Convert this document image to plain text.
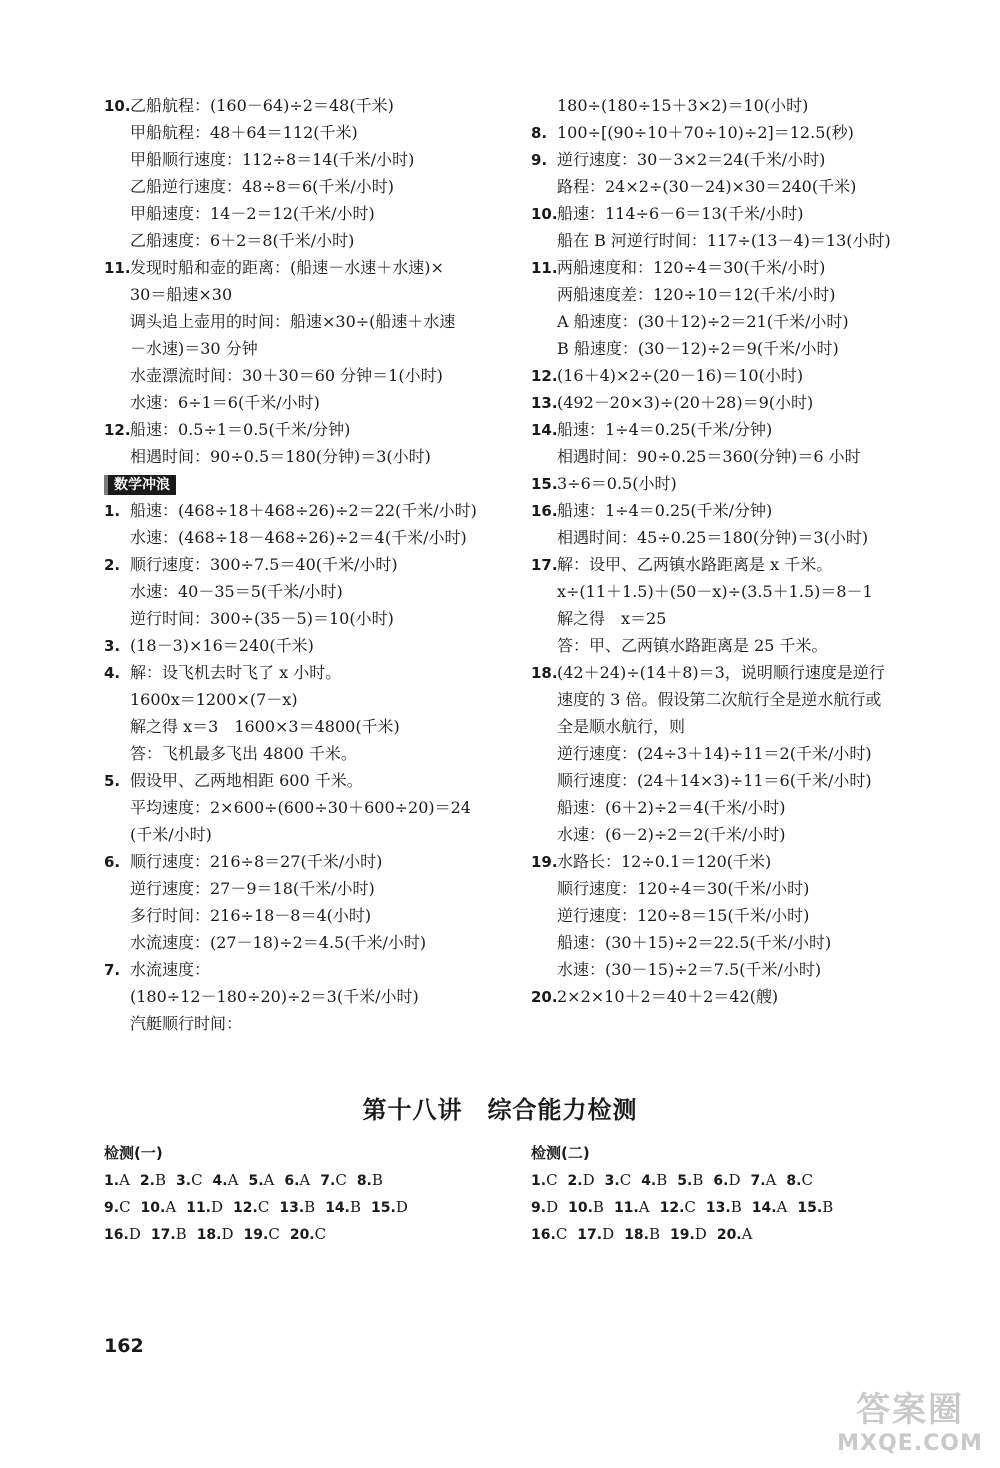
10.乙船航程：(160－64)÷2＝48(千米)
甲船航程：48＋64＝112(千米)
甲船顺行速度：112÷8＝14(千米/小时)
乙船逆行速度：48÷8＝6(千米/小时)
甲船速度：14－2＝12(千米/小时)
乙船速度：6＋2＝8(千米/小时)
11.发现时船和壶的距离：(船速－水速＋水速)×
30＝船速×30
调头追上壶用的时间：船速×30÷(船速＋水速
－水速)＝30 分钟
水壶漂流时间：30＋30＝60 分钟＝1(小时)
水速：6÷1＝6(千米/小时)
12.船速：0.5÷1＝0.5(千米/分钟)
相遇时间：90÷0.5＝180(分钟)＝3(小时)
数学冲浪
1. 船速：(468÷18＋468÷26)÷2＝22(千米/小时)
水速：(468÷18－468÷26)÷2＝4(千米/小时)
2. 顺行速度：300÷7.5＝40(千米/小时)
水速：40－35＝5(千米/小时)
逆行时间：300÷(35－5)＝10(小时)
3. (18－3)×16＝240(千米)
4. 解：设飞机去时飞了 x 小时。
1600x＝1200×(7－x)
解之得 x＝3　1600×3＝4800(千米)
答：飞机最多飞出 4800 千米。
5. 假设甲、乙两地相距 600 千米。
平均速度：2×600÷(600÷30＋600÷20)＝24
(千米/小时)
6. 顺行速度：216÷8＝27(千米/小时)
逆行速度：27－9＝18(千米/小时)
多行时间：216÷18－8＝4(小时)
水流速度：(27－18)÷2＝4.5(千米/小时)
7. 水流速度：
(180÷12－180÷20)÷2＝3(千米/小时)
汽艇顺行时间：
180÷(180÷15＋3×2)＝10(小时)
8. 100÷[(90÷10＋70÷10)÷2]＝12.5(秒)
9. 逆行速度：30－3×2＝24(千米/小时)
路程：24×2÷(30－24)×30＝240(千米)
10.船速：114÷6－6＝13(千米/小时)
船在 B 河逆行时间：117÷(13－4)＝13(小时)
11.两船速度和：120÷4＝30(千米/小时)
两船速度差：120÷10＝12(千米/小时)
A 船速度：(30＋12)÷2＝21(千米/小时)
B 船速度：(30－12)÷2＝9(千米/小时)
12.(16＋4)×2÷(20－16)＝10(小时)
13.(492－20×3)÷(20＋28)＝9(小时)
14.船速：1÷4＝0.25(千米/分钟)
相遇时间：90÷0.25＝360(分钟)＝6 小时
15.3÷6＝0.5(小时)
16.船速：1÷4＝0.25(千米/分钟)
相遇时间：45÷0.25＝180(分钟)＝3(小时)
17.解：设甲、乙两镇水路距离是 x 千米。
x÷(11＋1.5)＋(50－x)÷(3.5＋1.5)＝8－1
解之得　x＝25
答：甲、乙两镇水路距离是 25 千米。
18.(42＋24)÷(14＋8)＝3，说明顺行速度是逆行
速度的 3 倍。假设第二次航行全是逆水航行或
全是顺水航行，则
逆行速度：(24÷3＋14)÷11＝2(千米/小时)
顺行速度：(24＋14×3)÷11＝6(千米/小时)
船速：(6＋2)÷2＝4(千米/小时)
水速：(6－2)÷2＝2(千米/小时)
19.水路长：12÷0.1＝120(千米)
顺行速度：120÷4＝30(千米/小时)
逆行速度：120÷8＝15(千米/小时)
船速：(30＋15)÷2＝22.5(千米/小时)
水速：(30－15)÷2＝7.5(千米/小时)
20.2×2×10＋2＝40＋2＝42(艘)
第十八讲　综合能力检测
检测(一)
1.A 2.B 3.C 4.A 5.A 6.A 7.C 8.B
9.C 10.A 11.D 12.C 13.B 14.B 15.D
16.D 17.B 18.D 19.C 20.C
检测(二)
1.C 2.D 3.C 4.B 5.B 6.D 7.A 8.C
9.D 10.B 11.A 12.C 13.B 14.A 15.B
16.C 17.D 18.B 19.D 20.A
162
答案圈
MXQE.COM
